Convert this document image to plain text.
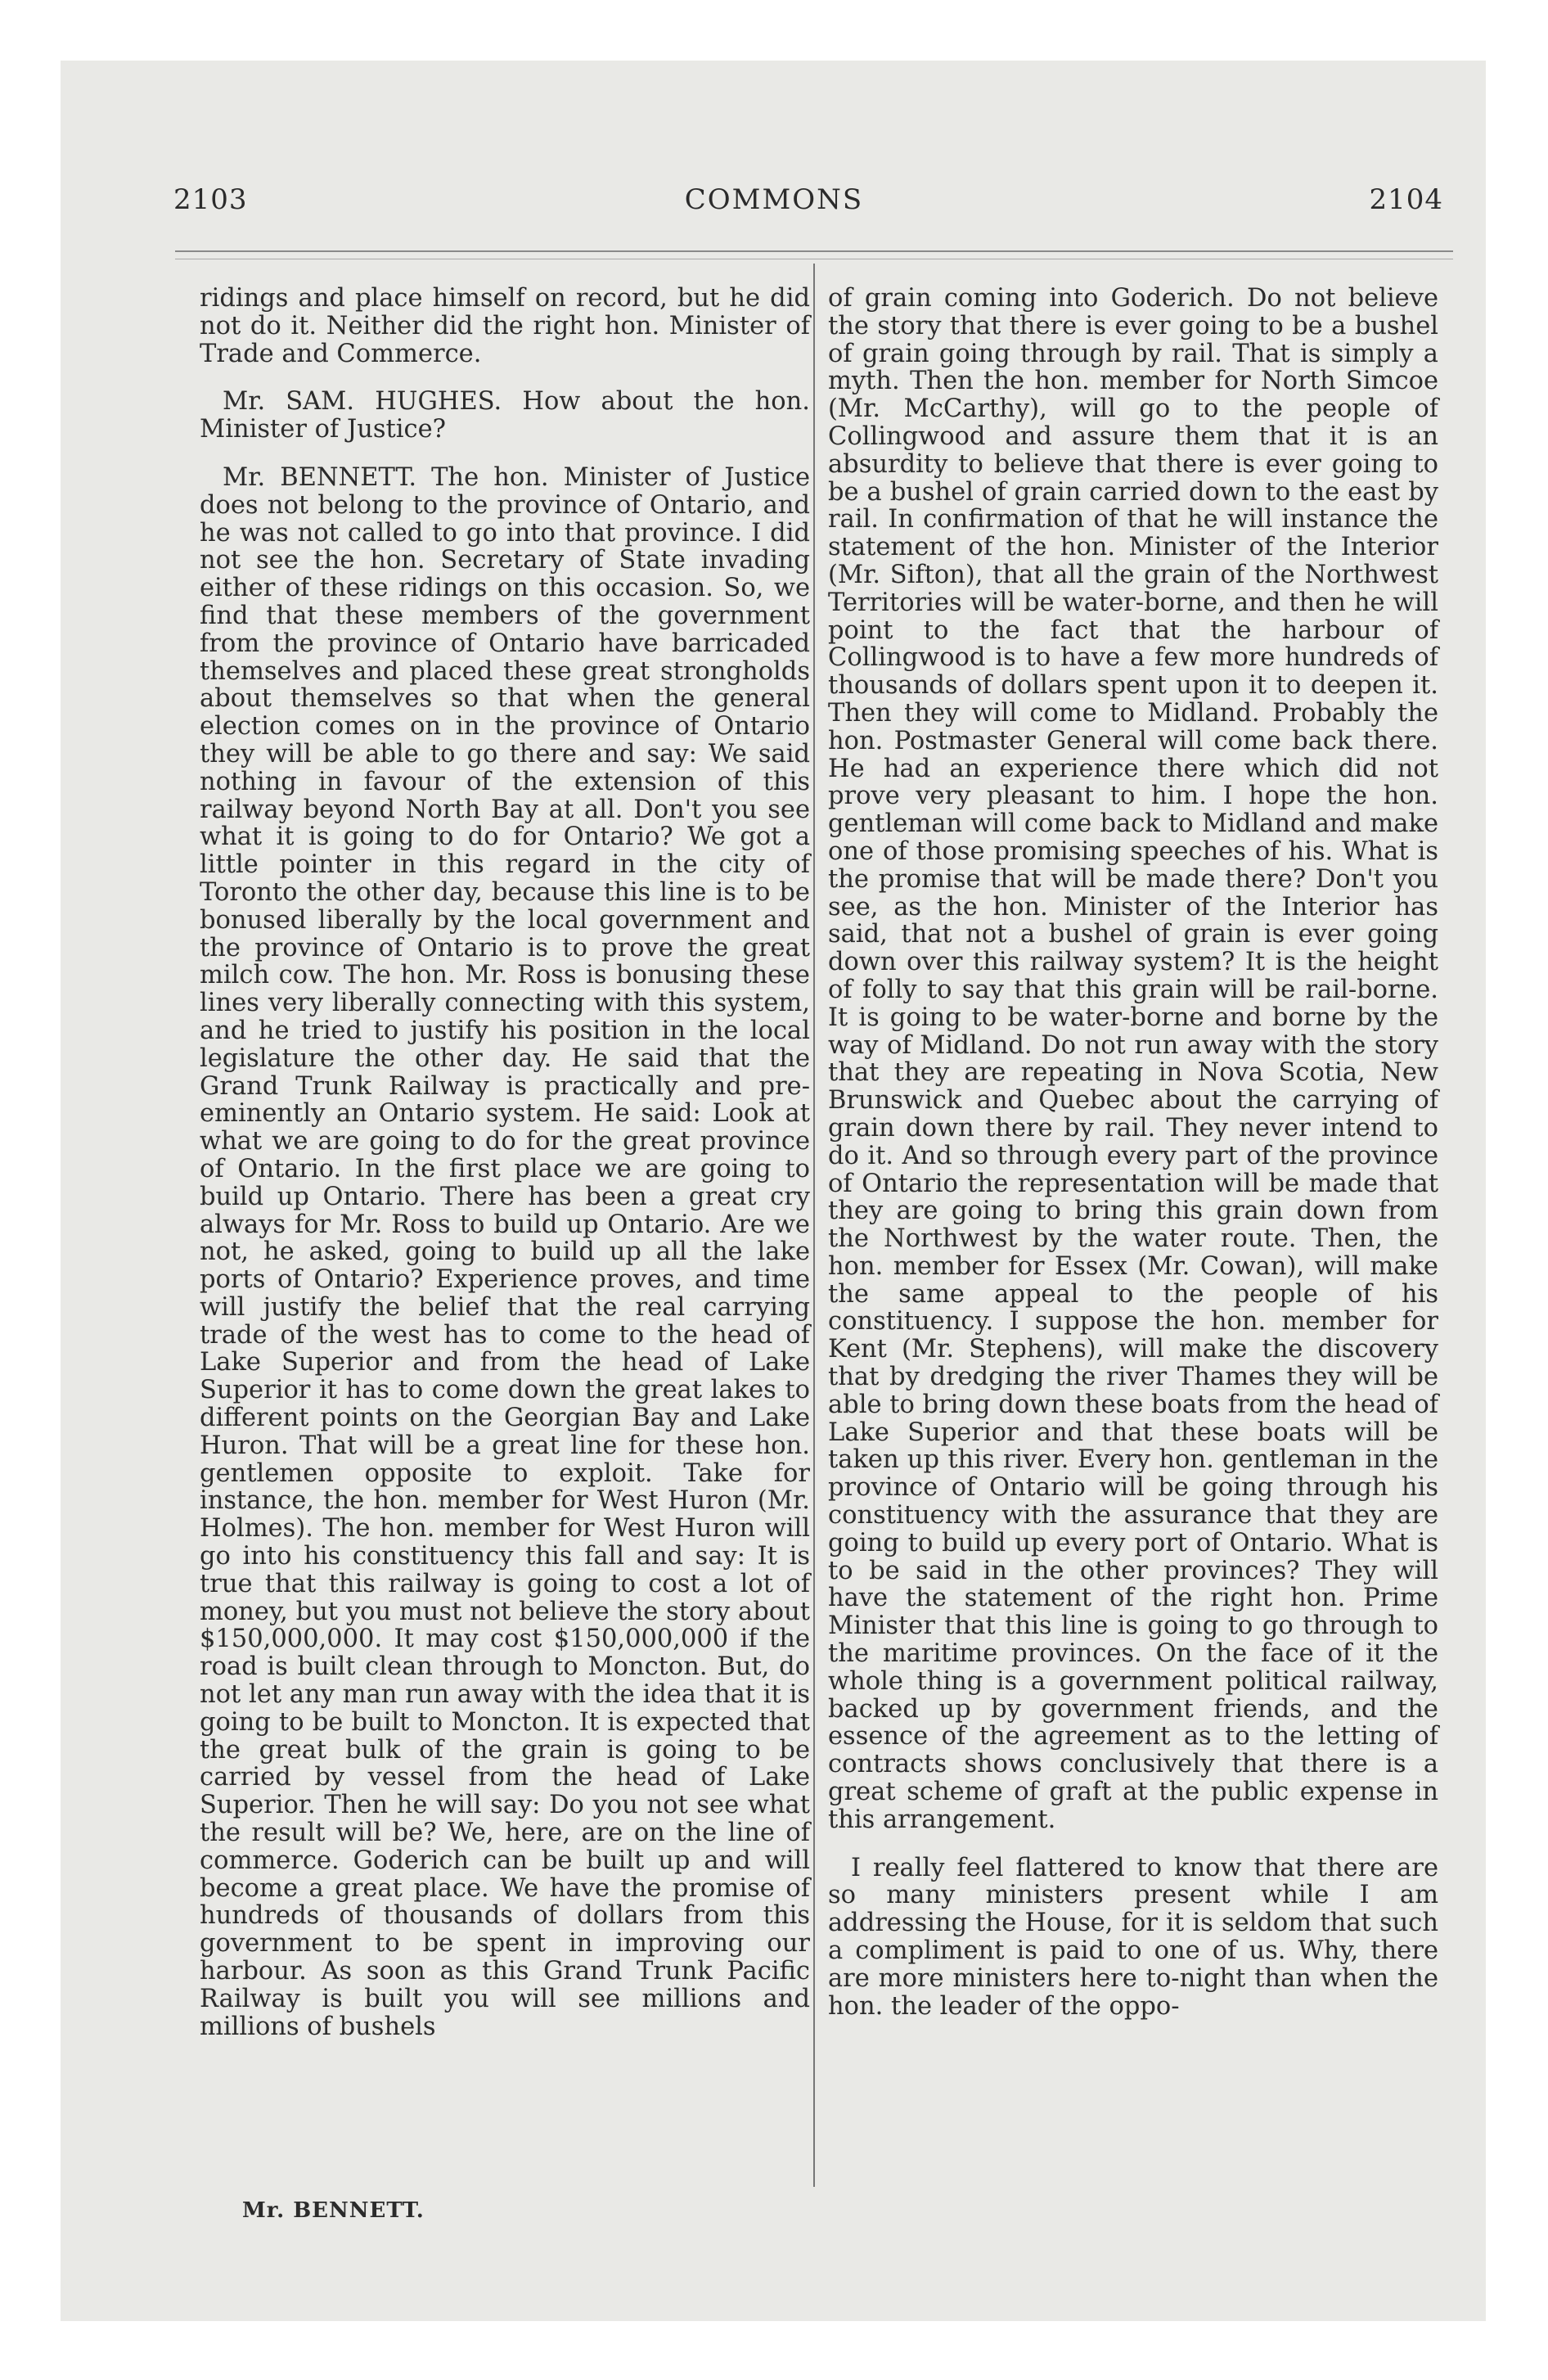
2103	COMMONS	2104

ridings and place himself on record, but he did not do it. Neither did the right hon. Minister of Trade and Commerce.

Mr. SAM. HUGHES. How about the hon. Minister of Justice?

Mr. BENNETT. The hon. Minister of Justice does not belong to the province of Ontario, and he was not called to go into that province. I did not see the hon. Secretary of State invading either of these ridings on this occasion. So, we find that these members of the government from the province of Ontario have barricaded themselves and placed these great strongholds about themselves so that when the general election comes on in the province of Ontario they will be able to go there and say: We said nothing in favour of the extension of this railway beyond North Bay at all. Don't you see what it is going to do for Ontario? We got a little pointer in this regard in the city of Toronto the other day, because this line is to be bonused liberally by the local government and the province of Ontario is to prove the great milch cow. The hon. Mr. Ross is bonusing these lines very liberally connecting with this system, and he tried to justify his position in the local legislature the other day. He said that the Grand Trunk Railway is practically and pre-eminently an Ontario system. He said: Look at what we are going to do for the great province of Ontario. In the first place we are going to build up Ontario. There has been a great cry always for Mr. Ross to build up Ontario. Are we not, he asked, going to build up all the lake ports of Ontario? Experience proves, and time will justify the belief that the real carrying trade of the west has to come to the head of Lake Superior and from the head of Lake Superior it has to come down the great lakes to different points on the Georgian Bay and Lake Huron. That will be a great line for these hon. gentlemen opposite to exploit. Take for instance, the hon. member for West Huron (Mr. Holmes). The hon. member for West Huron will go into his constituency this fall and say: It is true that this railway is going to cost a lot of money, but you must not believe the story about $150,000,000. It may cost $150,000,000 if the road is built clean through to Moncton. But, do not let any man run away with the idea that it is going to be built to Moncton. It is expected that the great bulk of the grain is going to be carried by vessel from the head of Lake Superior. Then he will say: Do you not see what the result will be? We, here, are on the line of commerce. Goderich can be built up and will become a great place. We have the promise of hundreds of thousands of dollars from this government to be spent in improving our harbour. As soon as this Grand Trunk Pacific Railway is built you will see millions and millions of bushels

of grain coming into Goderich. Do not believe the story that there is ever going to be a bushel of grain going through by rail. That is simply a myth. Then the hon. member for North Simcoe (Mr. McCarthy), will go to the people of Collingwood and assure them that it is an absurdity to believe that there is ever going to be a bushel of grain carried down to the east by rail. In confirmation of that he will instance the statement of the hon. Minister of the Interior (Mr. Sifton), that all the grain of the Northwest Territories will be water-borne, and then he will point to the fact that the harbour of Collingwood is to have a few more hundreds of thousands of dollars spent upon it to deepen it. Then they will come to Midland. Probably the hon. Postmaster General will come back there. He had an experience there which did not prove very pleasant to him. I hope the hon. gentleman will come back to Midland and make one of those promising speeches of his. What is the promise that will be made there? Don't you see, as the hon. Minister of the Interior has said, that not a bushel of grain is ever going down over this railway system? It is the height of folly to say that this grain will be rail-borne. It is going to be water-borne and borne by the way of Midland. Do not run away with the story that they are repeating in Nova Scotia, New Brunswick and Quebec about the carrying of grain down there by rail. They never intend to do it. And so through every part of the province of Ontario the representation will be made that they are going to bring this grain down from the Northwest by the water route. Then, the hon. member for Essex (Mr. Cowan), will make the same appeal to the people of his constituency. I suppose the hon. member for Kent (Mr. Stephens), will make the discovery that by dredging the river Thames they will be able to bring down these boats from the head of Lake Superior and that these boats will be taken up this river. Every hon. gentleman in the province of Ontario will be going through his constituency with the assurance that they are going to build up every port of Ontario. What is to be said in the other provinces? They will have the statement of the right hon. Prime Minister that this line is going to go through to the maritime provinces. On the face of it the whole thing is a government political railway, backed up by government friends, and the essence of the agreement as to the letting of contracts shows conclusively that there is a great scheme of graft at the public expense in this arrangement.

I really feel flattered to know that there are so many ministers present while I am addressing the House, for it is seldom that such a compliment is paid to one of us. Why, there are more ministers here to-night than when the hon. the leader of the oppo-

Mr. BENNETT.
